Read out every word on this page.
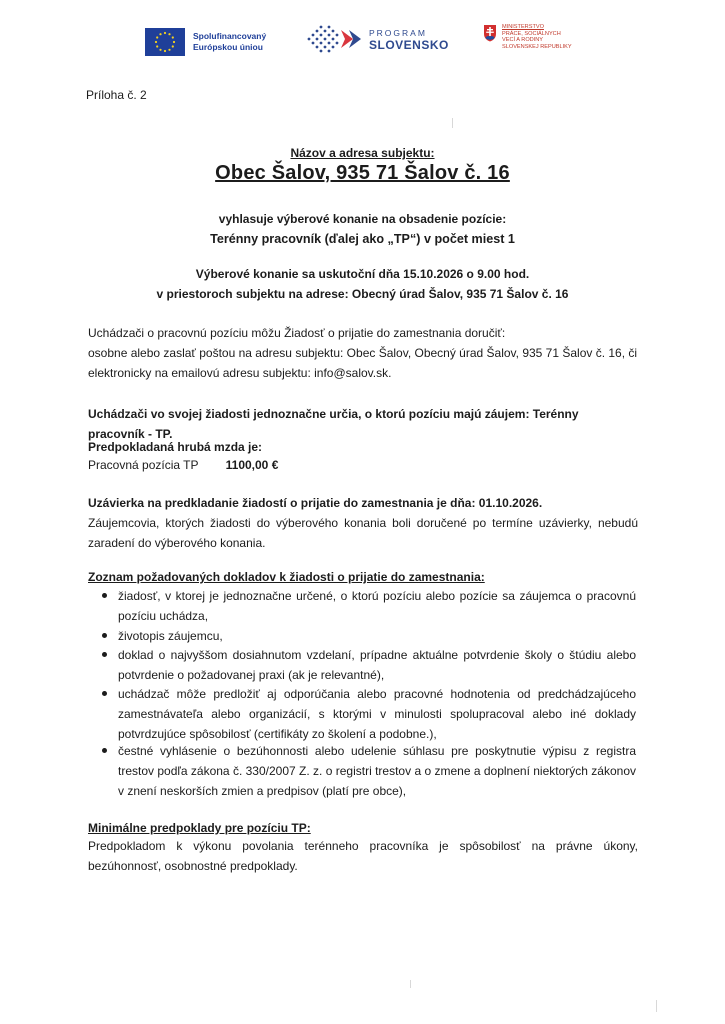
Spolufinancovaný
Európskou úniou
PROGRAM
SLOVENSKO
MINISTERSTVO
PRÁCE, SOCIÁLNYCH
VECÍ A RODINY
SLOVENSKEJ REPUBLIKY
Príloha č. 2
Názov a adresa subjektu:
Obec Šalov, 935 71 Šalov č. 16
vyhlasuje výberové konanie na obsadenie pozície:
Terénny pracovník (ďalej ako „TP“) v počet miest 1
Výberové konanie sa uskutoční dňa 15.10.2026 o 9.00 hod.
v priestoroch subjektu na adrese: Obecný úrad Šalov, 935 71 Šalov č. 16
Uchádzači o pracovnú pozíciu môžu Žiadosť o prijatie do zamestnania doručiť:
osobne alebo zaslať poštou na adresu subjektu: Obec Šalov, Obecný úrad Šalov, 935 71 Šalov č. 16, či
elektronicky na emailovú adresu subjektu: info@salov.sk.
Uchádzači vo svojej žiadosti jednoznačne určia, o ktorú pozíciu majú záujem: Terénny pracovník - TP.
Predpokladaná hrubá mzda je:
Pracovná pozícia TP 1100,00 €
Uzávierka na predkladanie žiadostí o prijatie do zamestnania je dňa: 01.10.2026.
Záujemcovia, ktorých žiadosti do výberového konania boli doručené po termíne uzávierky, nebudú zaradení do výberového konania.
Zoznam požadovaných dokladov k žiadosti o prijatie do zamestnania:
žiadosť, v ktorej je jednoznačne určené, o ktorú pozíciu alebo pozície sa záujemca o pracovnú pozíciu uchádza,
životopis záujemcu,
doklad o najvyššom dosiahnutom vzdelaní, prípadne aktuálne potvrdenie školy o štúdiu alebo potvrdenie o požadovanej praxi (ak je relevantné),
uchádzač môže predložiť aj odporúčania alebo pracovné hodnotenia od predchádzajúceho zamestnávateľa alebo organizácií, s ktorými v minulosti spolupracoval alebo iné doklady potvrdzujúce spôsobilosť (certifikáty zo školení a podobne.),
čestné vyhlásenie o bezúhonnosti alebo udelenie súhlasu pre poskytnutie výpisu z registra trestov podľa zákona č. 330/2007 Z. z. o registri trestov a o zmene a doplnení niektorých zákonov v znení neskorších zmien a predpisov (platí pre obce),
Minimálne predpoklady pre pozíciu TP:
Predpokladom k výkonu povolania terénneho pracovníka je spôsobilosť na právne úkony, bezúhonnosť, osobnostné predpoklady.
